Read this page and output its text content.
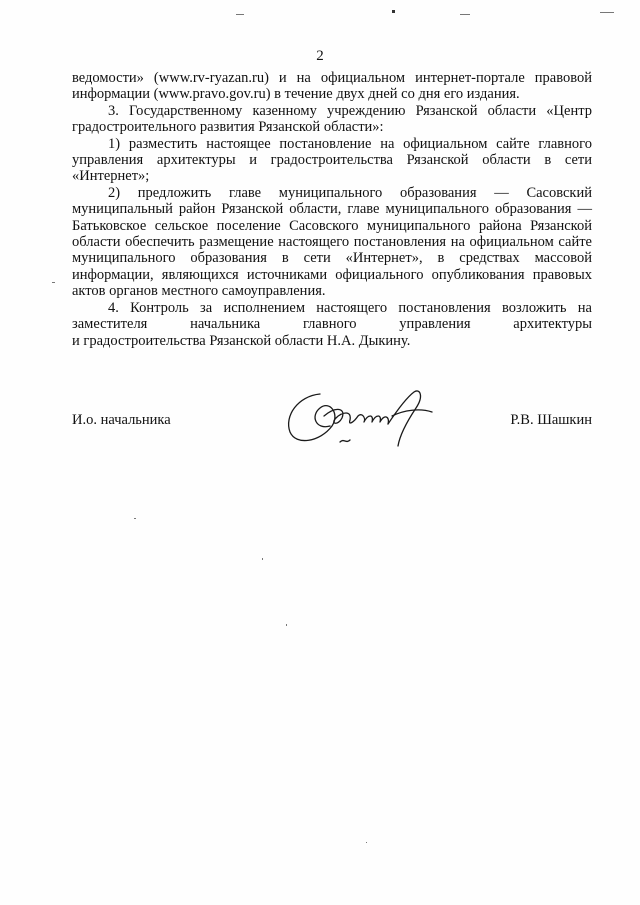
2

ведомости» (www.rv-ryazan.ru) и на официальном интернет-портале правовой информации (www.pravo.gov.ru) в течение двух дней со дня его издания.

3. Государственному казенному учреждению Рязанской области «Центр градостроительного развития Рязанской области»:

1) разместить настоящее постановление на официальном сайте главного управления архитектуры и градостроительства Рязанской области в сети «Интернет»;

2) предложить главе муниципального образования — Сасовский муниципальный район Рязанской области, главе муниципального образования — Батьковское сельское поселение Сасовского муниципального района Рязанской области обеспечить размещение настоящего постановления на официальном сайте муниципального образования в сети «Интернет», в средствах массовой информации, являющихся источниками официального опубликования правовых актов органов местного самоуправления.

4. Контроль за исполнением настоящего постановления возложить на заместителя начальника главного управления архитектуры

и градостроительства Рязанской области Н.А. Дыкину.

И.о. начальника	Р.В. Шашкин
